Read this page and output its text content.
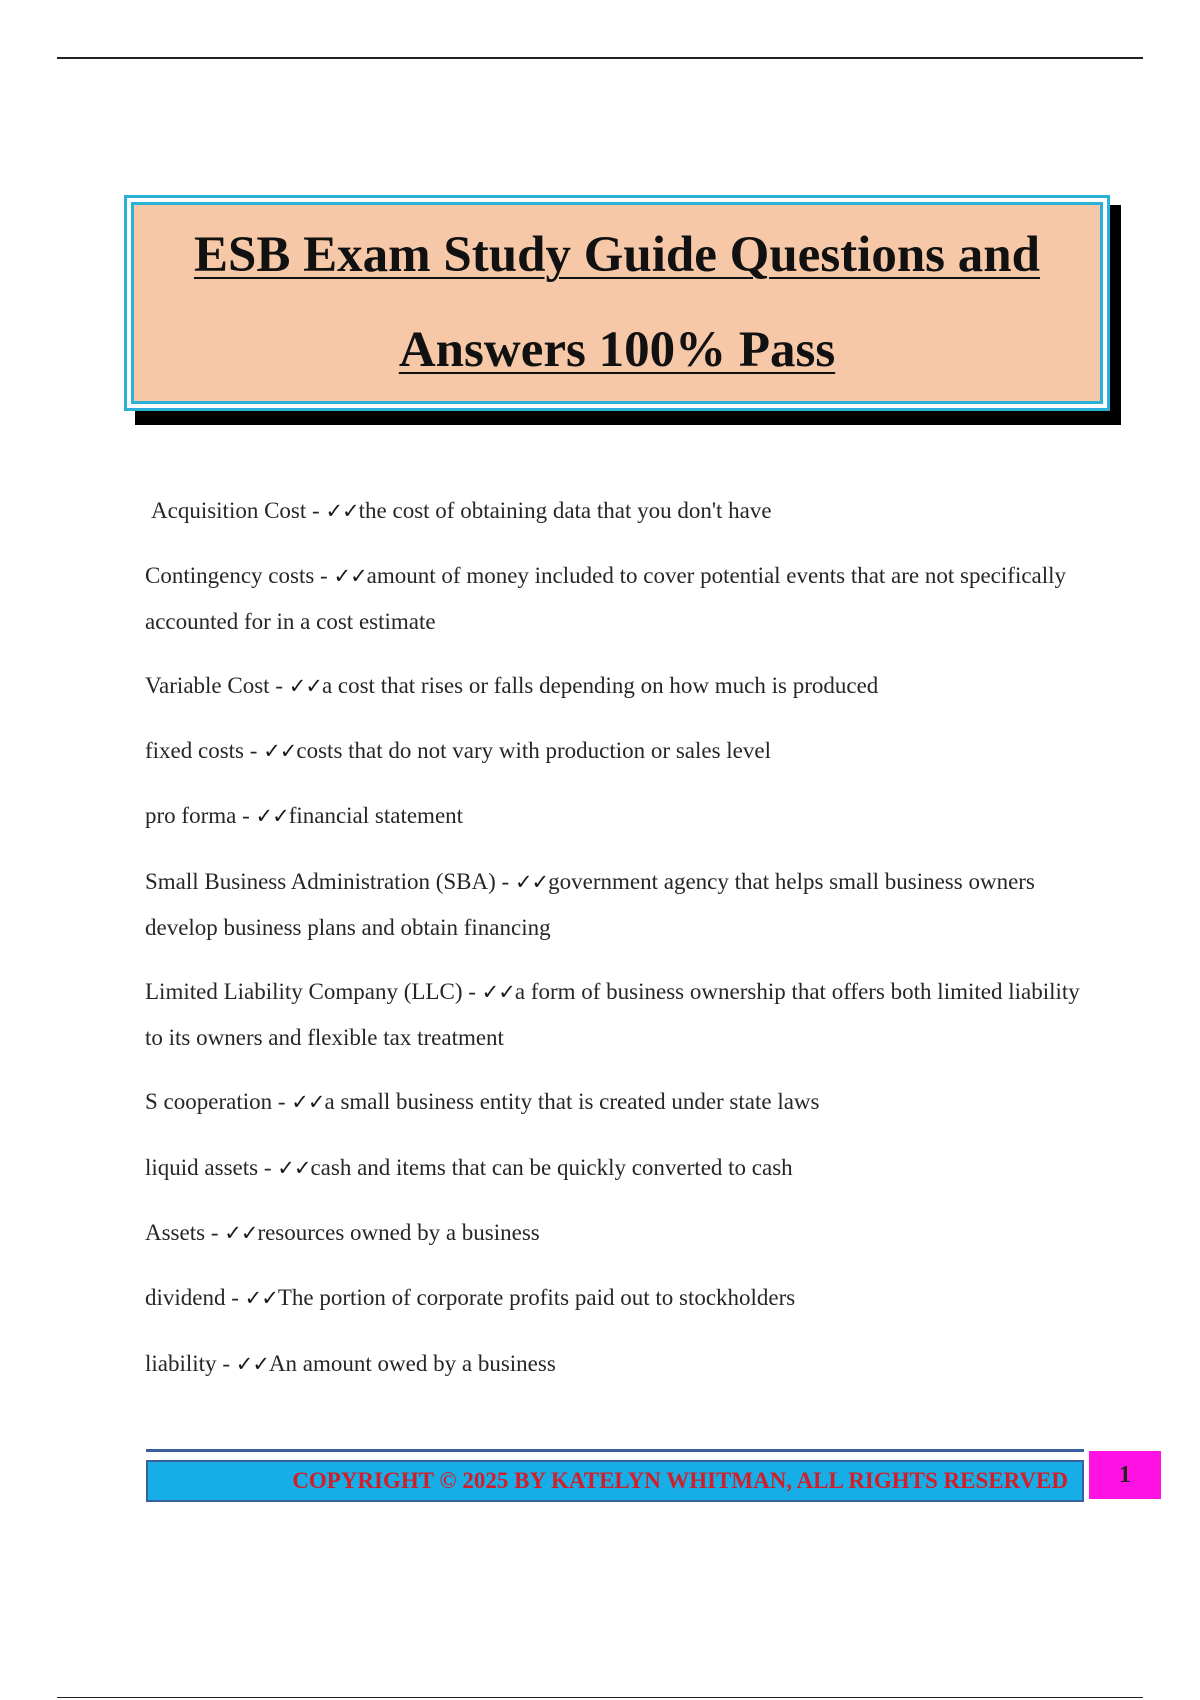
ESB Exam Study Guide Questions and
Answers 100% Pass
Acquisition Cost - ✓✓the cost of obtaining data that you don't have
Contingency costs - ✓✓amount of money included to cover potential events that are not specifically accounted for in a cost estimate
Variable Cost - ✓✓a cost that rises or falls depending on how much is produced
fixed costs - ✓✓costs that do not vary with production or sales level
pro forma - ✓✓financial statement
Small Business Administration (SBA) - ✓✓government agency that helps small business owners develop business plans and obtain financing
Limited Liability Company (LLC) - ✓✓a form of business ownership that offers both limited liability to its owners and flexible tax treatment
S cooperation - ✓✓a small business entity that is created under state laws
liquid assets - ✓✓cash and items that can be quickly converted to cash
Assets - ✓✓resources owned by a business
dividend - ✓✓The portion of corporate profits paid out to stockholders
liability - ✓✓An amount owed by a business
COPYRIGHT © 2025 BY KATELYN WHITMAN, ALL RIGHTS RESERVED 1
